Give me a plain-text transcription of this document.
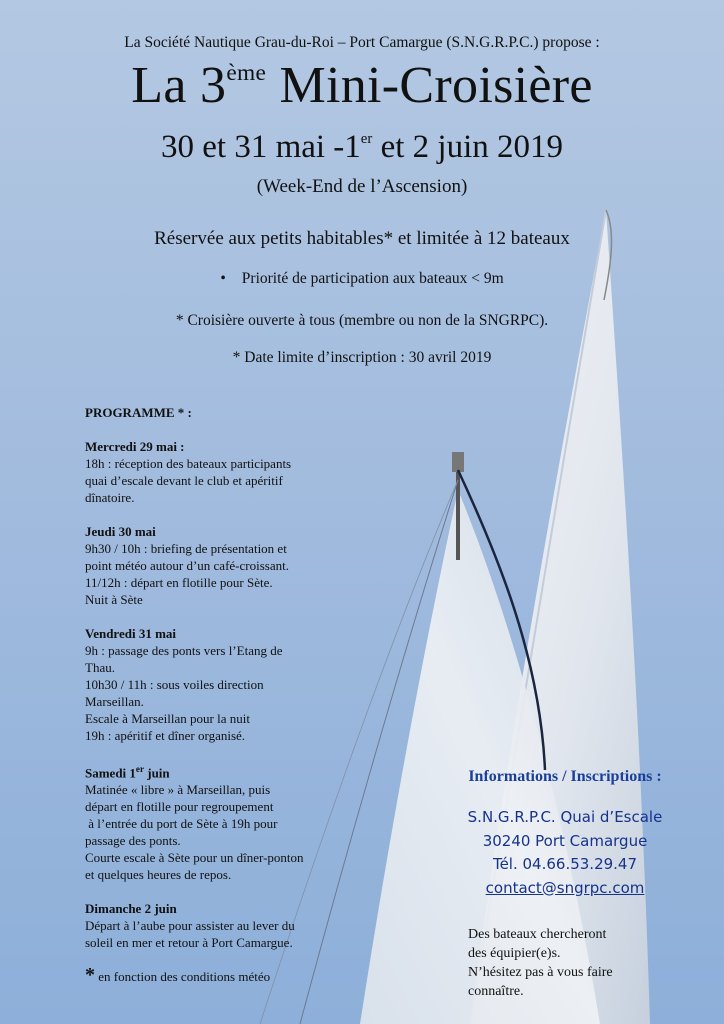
La Société Nautique Grau-du-Roi – Port Camargue (S.N.G.R.P.C.) propose :
La 3ème Mini-Croisière
30 et 31 mai -1er et 2 juin 2019
(Week-End de l’Ascension)
Réservée aux petits habitables* et limitée à 12 bateaux
• Priorité de participation aux bateaux < 9m
* Croisière ouverte à tous (membre ou non de la SNGRPC).
* Date limite d’inscription : 30 avril 2019
PROGRAMME * :
Mercredi 29 mai :
18h : réception des bateaux participants
quai d’escale devant le club et apéritif
dînatoire.
Jeudi 30 mai
9h30 / 10h : briefing de présentation et
point météo autour d’un café-croissant.
11/12h : départ en flotille pour Sète.
Nuit à Sète
Vendredi 31 mai
9h : passage des ponts vers l’Etang de
Thau.
10h30 / 11h : sous voiles direction
Marseillan.
Escale à Marseillan pour la nuit
19h : apéritif et dîner organisé.
Samedi 1er juin
Matinée « libre » à Marseillan, puis
départ en flotille pour regroupement
à l’entrée du port de Sète à 19h pour
passage des ponts.
Courte escale à Sète pour un dîner-ponton
et quelques heures de repos.
Dimanche 2 juin
Départ à l’aube pour assister au lever du
soleil en mer et retour à Port Camargue.
* en fonction des conditions météo
Informations / Inscriptions :
S.N.G.R.P.C. Quai d’Escale
30240 Port Camargue
Tél. 04.66.53.29.47
contact@sngrpc.com
Des bateaux chercheront
des équipier(e)s.
N’hésitez pas à vous faire
connaître.
